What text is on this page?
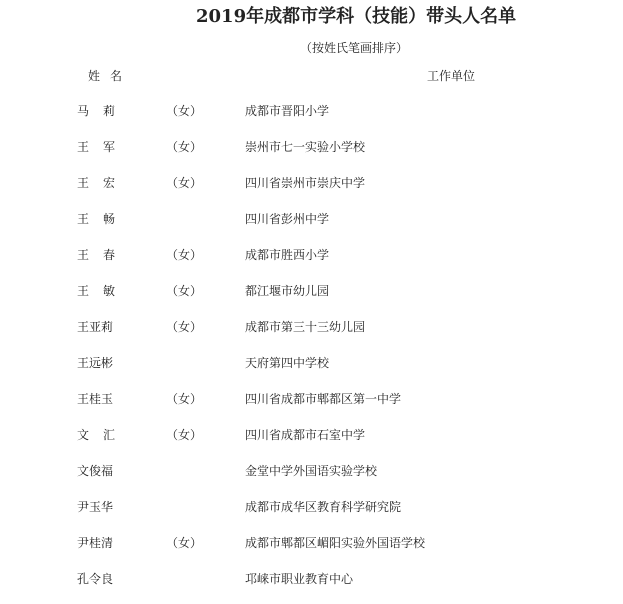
2019年成都市学科（技能）带头人名单
（按姓氏笔画排序）
姓名	工作单位
马莉	（女）	成都市晋阳小学
王军	（女）	崇州市七一实验小学校
王宏	（女）	四川省崇州市崇庆中学
王畅	四川省彭州中学
王春	（女）	成都市胜西小学
王敏	（女）	都江堰市幼儿园
王亚莉	（女）	成都市第三十三幼儿园
王远彬	天府第四中学校
王桂玉	（女）	四川省成都市郫都区第一中学
文汇	（女）	四川省成都市石室中学
文俊福	金堂中学外国语实验学校
尹玉华	成都市成华区教育科学研究院
尹桂清	（女）	成都市郫都区嵋阳实验外国语学校
孔令良	邛崃市职业教育中心
